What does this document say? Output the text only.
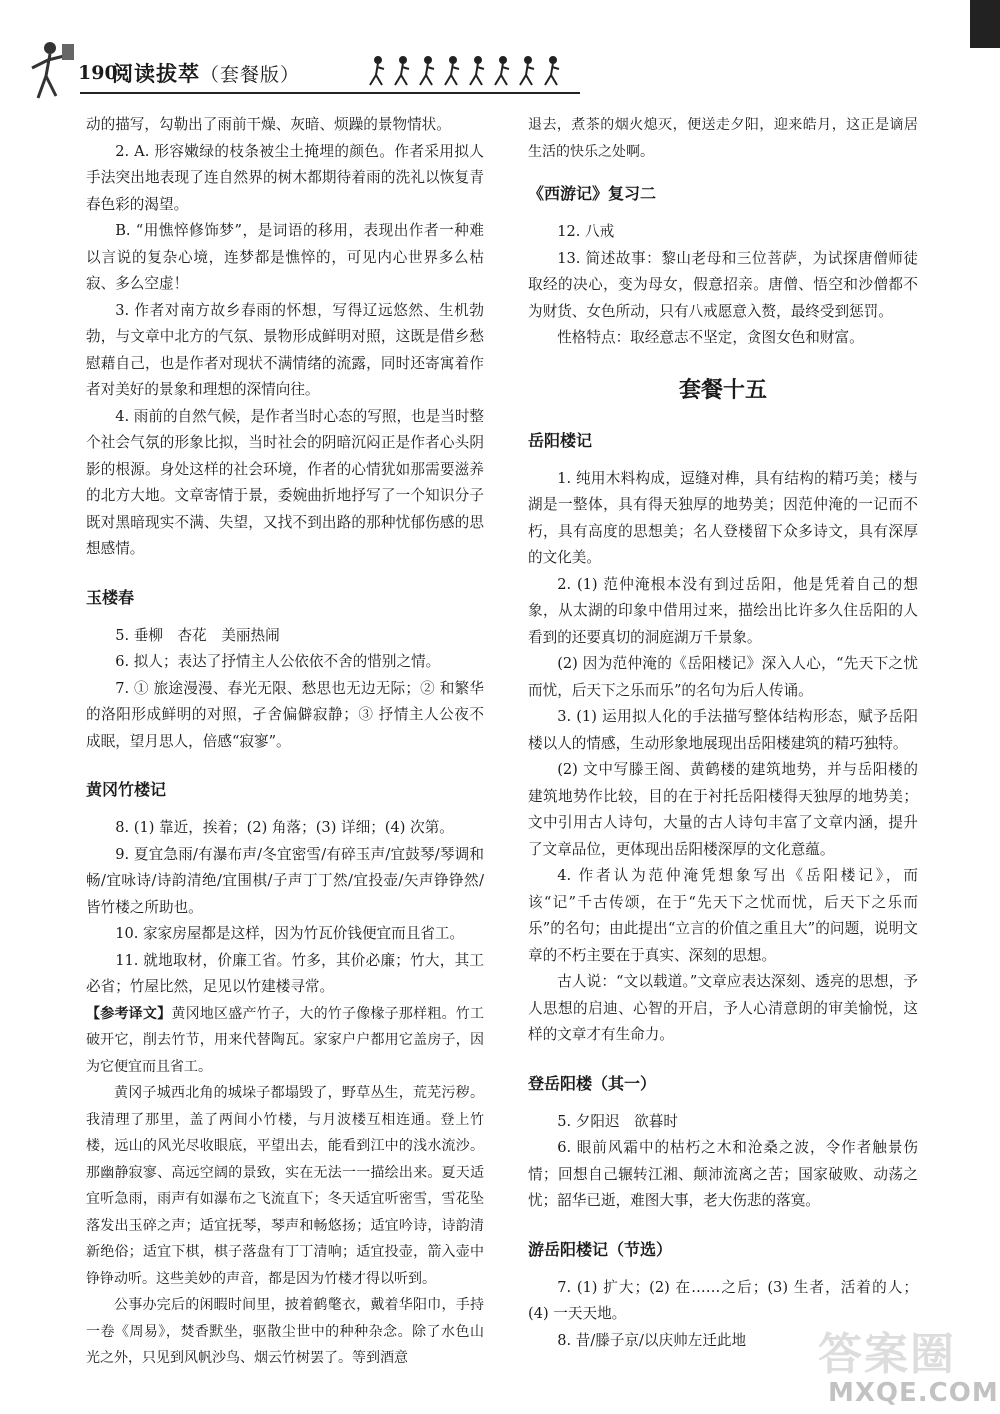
190
阅读拔萃（套餐版）

动的描写，勾勒出了雨前干燥、灰暗、烦躁的景物情状。

2. A. 形容嫩绿的枝条被尘土掩埋的颜色。作者采用拟人手法突出地表现了连自然界的树木都期待着雨的洗礼以恢复青春色彩的渴望。

B. “用憔悴修饰梦”，是词语的移用，表现出作者一种难以言说的复杂心境，连梦都是憔悴的，可见内心世界多么枯寂、多么空虚！

3. 作者对南方故乡春雨的怀想，写得辽远悠然、生机勃勃，与文章中北方的气氛、景物形成鲜明对照，这既是借乡愁慰藉自己，也是作者对现状不满情绪的流露，同时还寄寓着作者对美好的景象和理想的深情向往。

4. 雨前的自然气候，是作者当时心态的写照，也是当时整个社会气氛的形象比拟，当时社会的阴暗沉闷正是作者心头阴影的根源。身处这样的社会环境，作者的心情犹如那需要滋养的北方大地。文章寄情于景，委婉曲折地抒写了一个知识分子既对黑暗现实不满、失望，又找不到出路的那种忧郁伤感的思想感情。

玉楼春

5. 垂柳　杏花　美丽热闹

6. 拟人；表达了抒情主人公依依不舍的惜别之情。

7. ① 旅途漫漫、春光无限、愁思也无边无际；② 和繁华的洛阳形成鲜明的对照，孑舍偏僻寂静；③ 抒情主人公夜不成眠，望月思人，倍感“寂寥”。

黄冈竹楼记

8. (1) 靠近，挨着；(2) 角落；(3) 详细；(4) 次第。

9. 夏宜急雨/有瀑布声/冬宜密雪/有碎玉声/宜鼓琴/琴调和畅/宜咏诗/诗韵清绝/宜围棋/子声丁丁然/宜投壶/矢声铮铮然/皆竹楼之所助也。

10. 家家房屋都是这样，因为竹瓦价钱便宜而且省工。

11. 就地取材，价廉工省。竹多，其价必廉；竹大，其工必省；竹屋比然，足见以竹建楼寻常。

【参考译文】黄冈地区盛产竹子，大的竹子像椽子那样粗。竹工破开它，削去竹节，用来代替陶瓦。家家户户都用它盖房子，因为它便宜而且省工。

黄冈子城西北角的城垛子都塌毁了，野草丛生，荒芜污秽。我清理了那里，盖了两间小竹楼，与月波楼互相连通。登上竹楼，远山的风光尽收眼底，平望出去，能看到江中的浅水流沙。那幽静寂寥、高远空阔的景致，实在无法一一描绘出来。夏天适宜听急雨，雨声有如瀑布之飞流直下；冬天适宜听密雪，雪花坠落发出玉碎之声；适宜抚琴，琴声和畅悠扬；适宜吟诗，诗韵清新绝俗；适宜下棋，棋子落盘有丁丁清响；适宜投壶，箭入壶中铮铮动听。这些美妙的声音，都是因为竹楼才得以听到。

公事办完后的闲暇时间里，披着鹤氅衣，戴着华阳巾，手持一卷《周易》，焚香默坐，驱散尘世中的种种杂念。除了水色山光之外，只见到风帆沙鸟、烟云竹树罢了。等到酒意

退去，煮茶的烟火熄灭，便送走夕阳，迎来皓月，这正是谪居生活的快乐之处啊。

《西游记》复习二

12. 八戒

13. 简述故事：黎山老母和三位菩萨，为试探唐僧师徒取经的决心，变为母女，假意招亲。唐僧、悟空和沙僧都不为财货、女色所动，只有八戒愿意入赘，最终受到惩罚。

性格特点：取经意志不坚定，贪图女色和财富。

套餐十五
岳阳楼记

1. 纯用木料构成，逗缝对榫，具有结构的精巧美；楼与湖是一整体，具有得天独厚的地势美；因范仲淹的一记而不朽，具有高度的思想美；名人登楼留下众多诗文，具有深厚的文化美。

2. (1) 范仲淹根本没有到过岳阳，他是凭着自己的想象，从太湖的印象中借用过来，描绘出比许多久住岳阳的人看到的还要真切的洞庭湖万千景象。

(2) 因为范仲淹的《岳阳楼记》深入人心，“先天下之忧而忧，后天下之乐而乐”的名句为后人传诵。

3. (1) 运用拟人化的手法描写整体结构形态，赋予岳阳楼以人的情感，生动形象地展现出岳阳楼建筑的精巧独特。

(2) 文中写滕王阁、黄鹤楼的建筑地势，并与岳阳楼的建筑地势作比较，目的在于衬托岳阳楼得天独厚的地势美；文中引用古人诗句，大量的古人诗句丰富了文章内涵，提升了文章品位，更体现出岳阳楼深厚的文化意蕴。

4. 作者认为范仲淹凭想象写出《岳阳楼记》，而该“记”千古传颂，在于“先天下之忧而忧，后天下之乐而乐”的名句；由此提出“立言的价值之重且大”的问题，说明文章的不朽主要在于真实、深刻的思想。

古人说：“文以载道。”文章应表达深刻、透亮的思想，予人思想的启迪、心智的开启，予人心清意朗的审美愉悦，这样的文章才有生命力。

登岳阳楼（其一）

5. 夕阳迟　欲暮时

6. 眼前风霜中的枯朽之木和沧桑之波，令作者触景伤情；回想自己辗转江湘、颠沛流离之苦；国家破败、动荡之忧；韶华已逝，难图大事，老大伤悲的落寞。

游岳阳楼记（节选）

7. (1) 扩大；(2) 在……之后；(3) 生者，活着的人；(4) 一天天地。

8. 昔/滕子京/以庆帅左迁此地	答案圈
MXQE.COM
